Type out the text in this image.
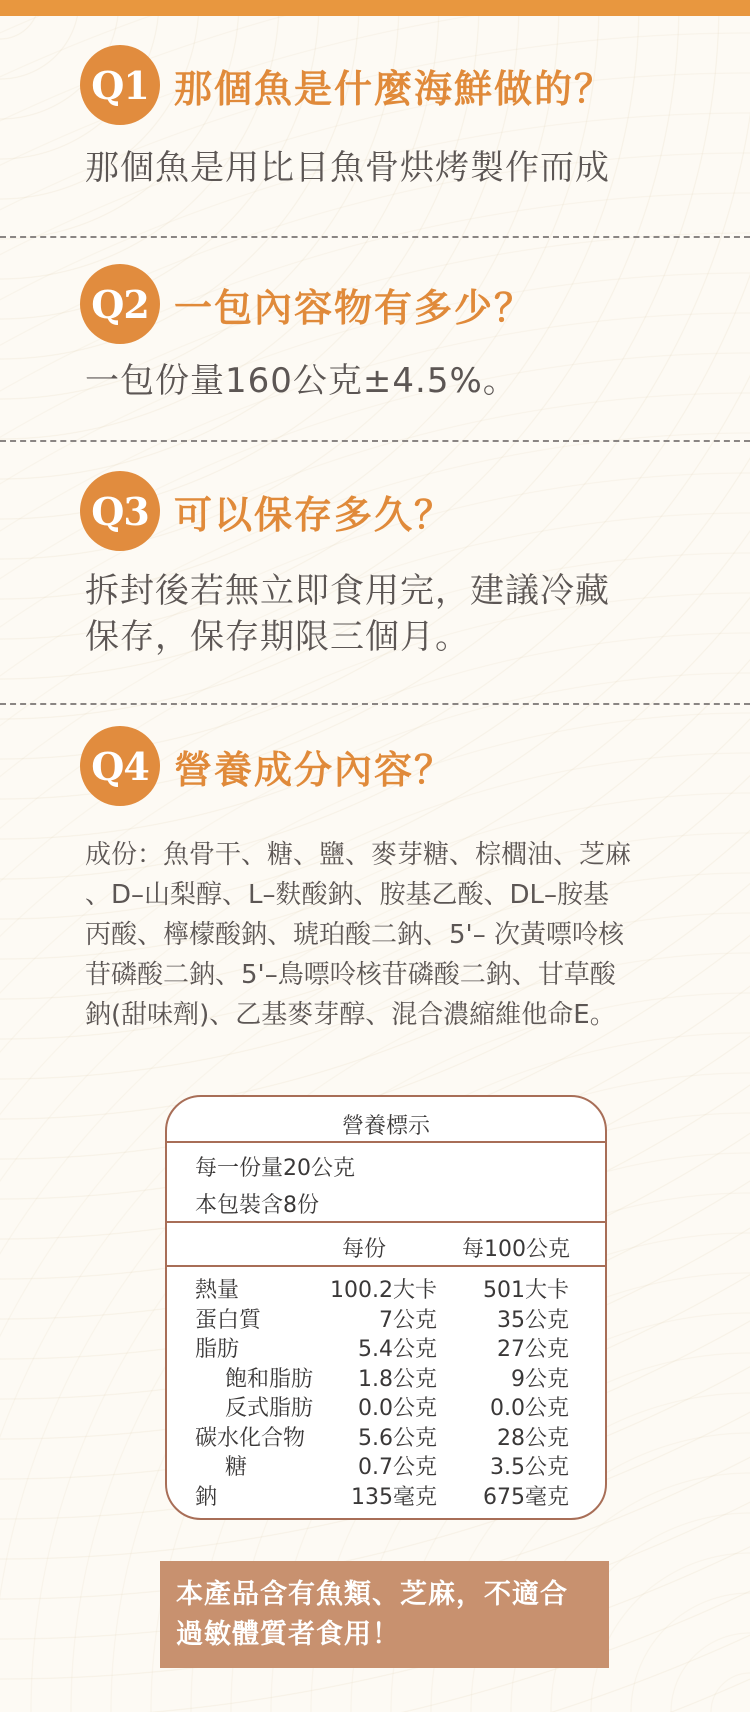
Q1 那個魚是什麼海鮮做的？
那個魚是用比目魚骨烘烤製作而成
Q2 一包內容物有多少？
一包份量160公克±4.5%。
Q3 可以保存多久？
拆封後若無立即食用完，建議冷藏
保存，保存期限三個月。
Q4 營養成分內容？
成份：魚骨干、糖、鹽、麥芽糖、棕櫚油、芝麻
、D–山梨醇、L–麩酸鈉、胺基乙酸、DL–胺基
丙酸、檸檬酸鈉、琥珀酸二鈉、5'– 次黃嘌呤核
苷磷酸二鈉、5'–鳥嘌呤核苷磷酸二鈉、甘草酸
鈉(甜味劑)、乙基麥芽醇、混合濃縮維他命E。
營養標示
每一份量20公克
本包裝含8份
每份	每100公克
熱量	100.2大卡 501大卡
蛋白質	7公克	35公克
脂肪	5.4公克	27公克
飽和脂肪 1.8公克	9公克
反式脂肪 0.0公克 0.0公克
碳水化合物 5.6公克	28公克
糖	0.7公克 3.5公克
鈉	135毫克 675毫克
本產品含有魚類、芝麻，不適合
過敏體質者食用！
